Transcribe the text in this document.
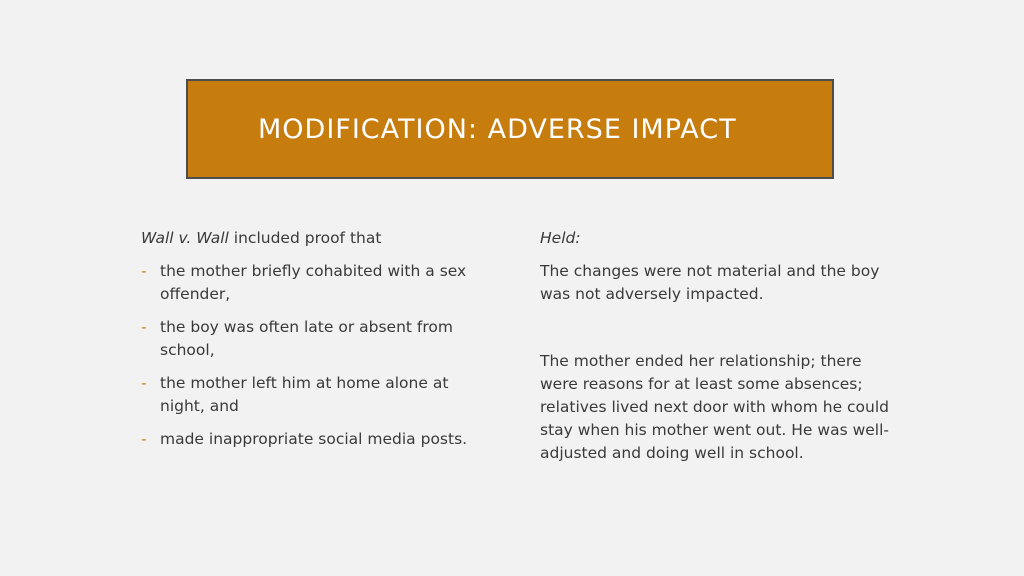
MODIFICATION: ADVERSE IMPACT

Wall v. Wall included proof that

- the mother briefly cohabited with a sex offender,
- the boy was often late or absent from school,
- the mother left him at home alone at night, and
- made inappropriate social media posts.

Held:

The changes were not material and the boy was not adversely impacted.

The mother ended her relationship; there were reasons for at least some absences; relatives lived next door with whom he could stay when his mother went out. He was well-adjusted and doing well in school.
